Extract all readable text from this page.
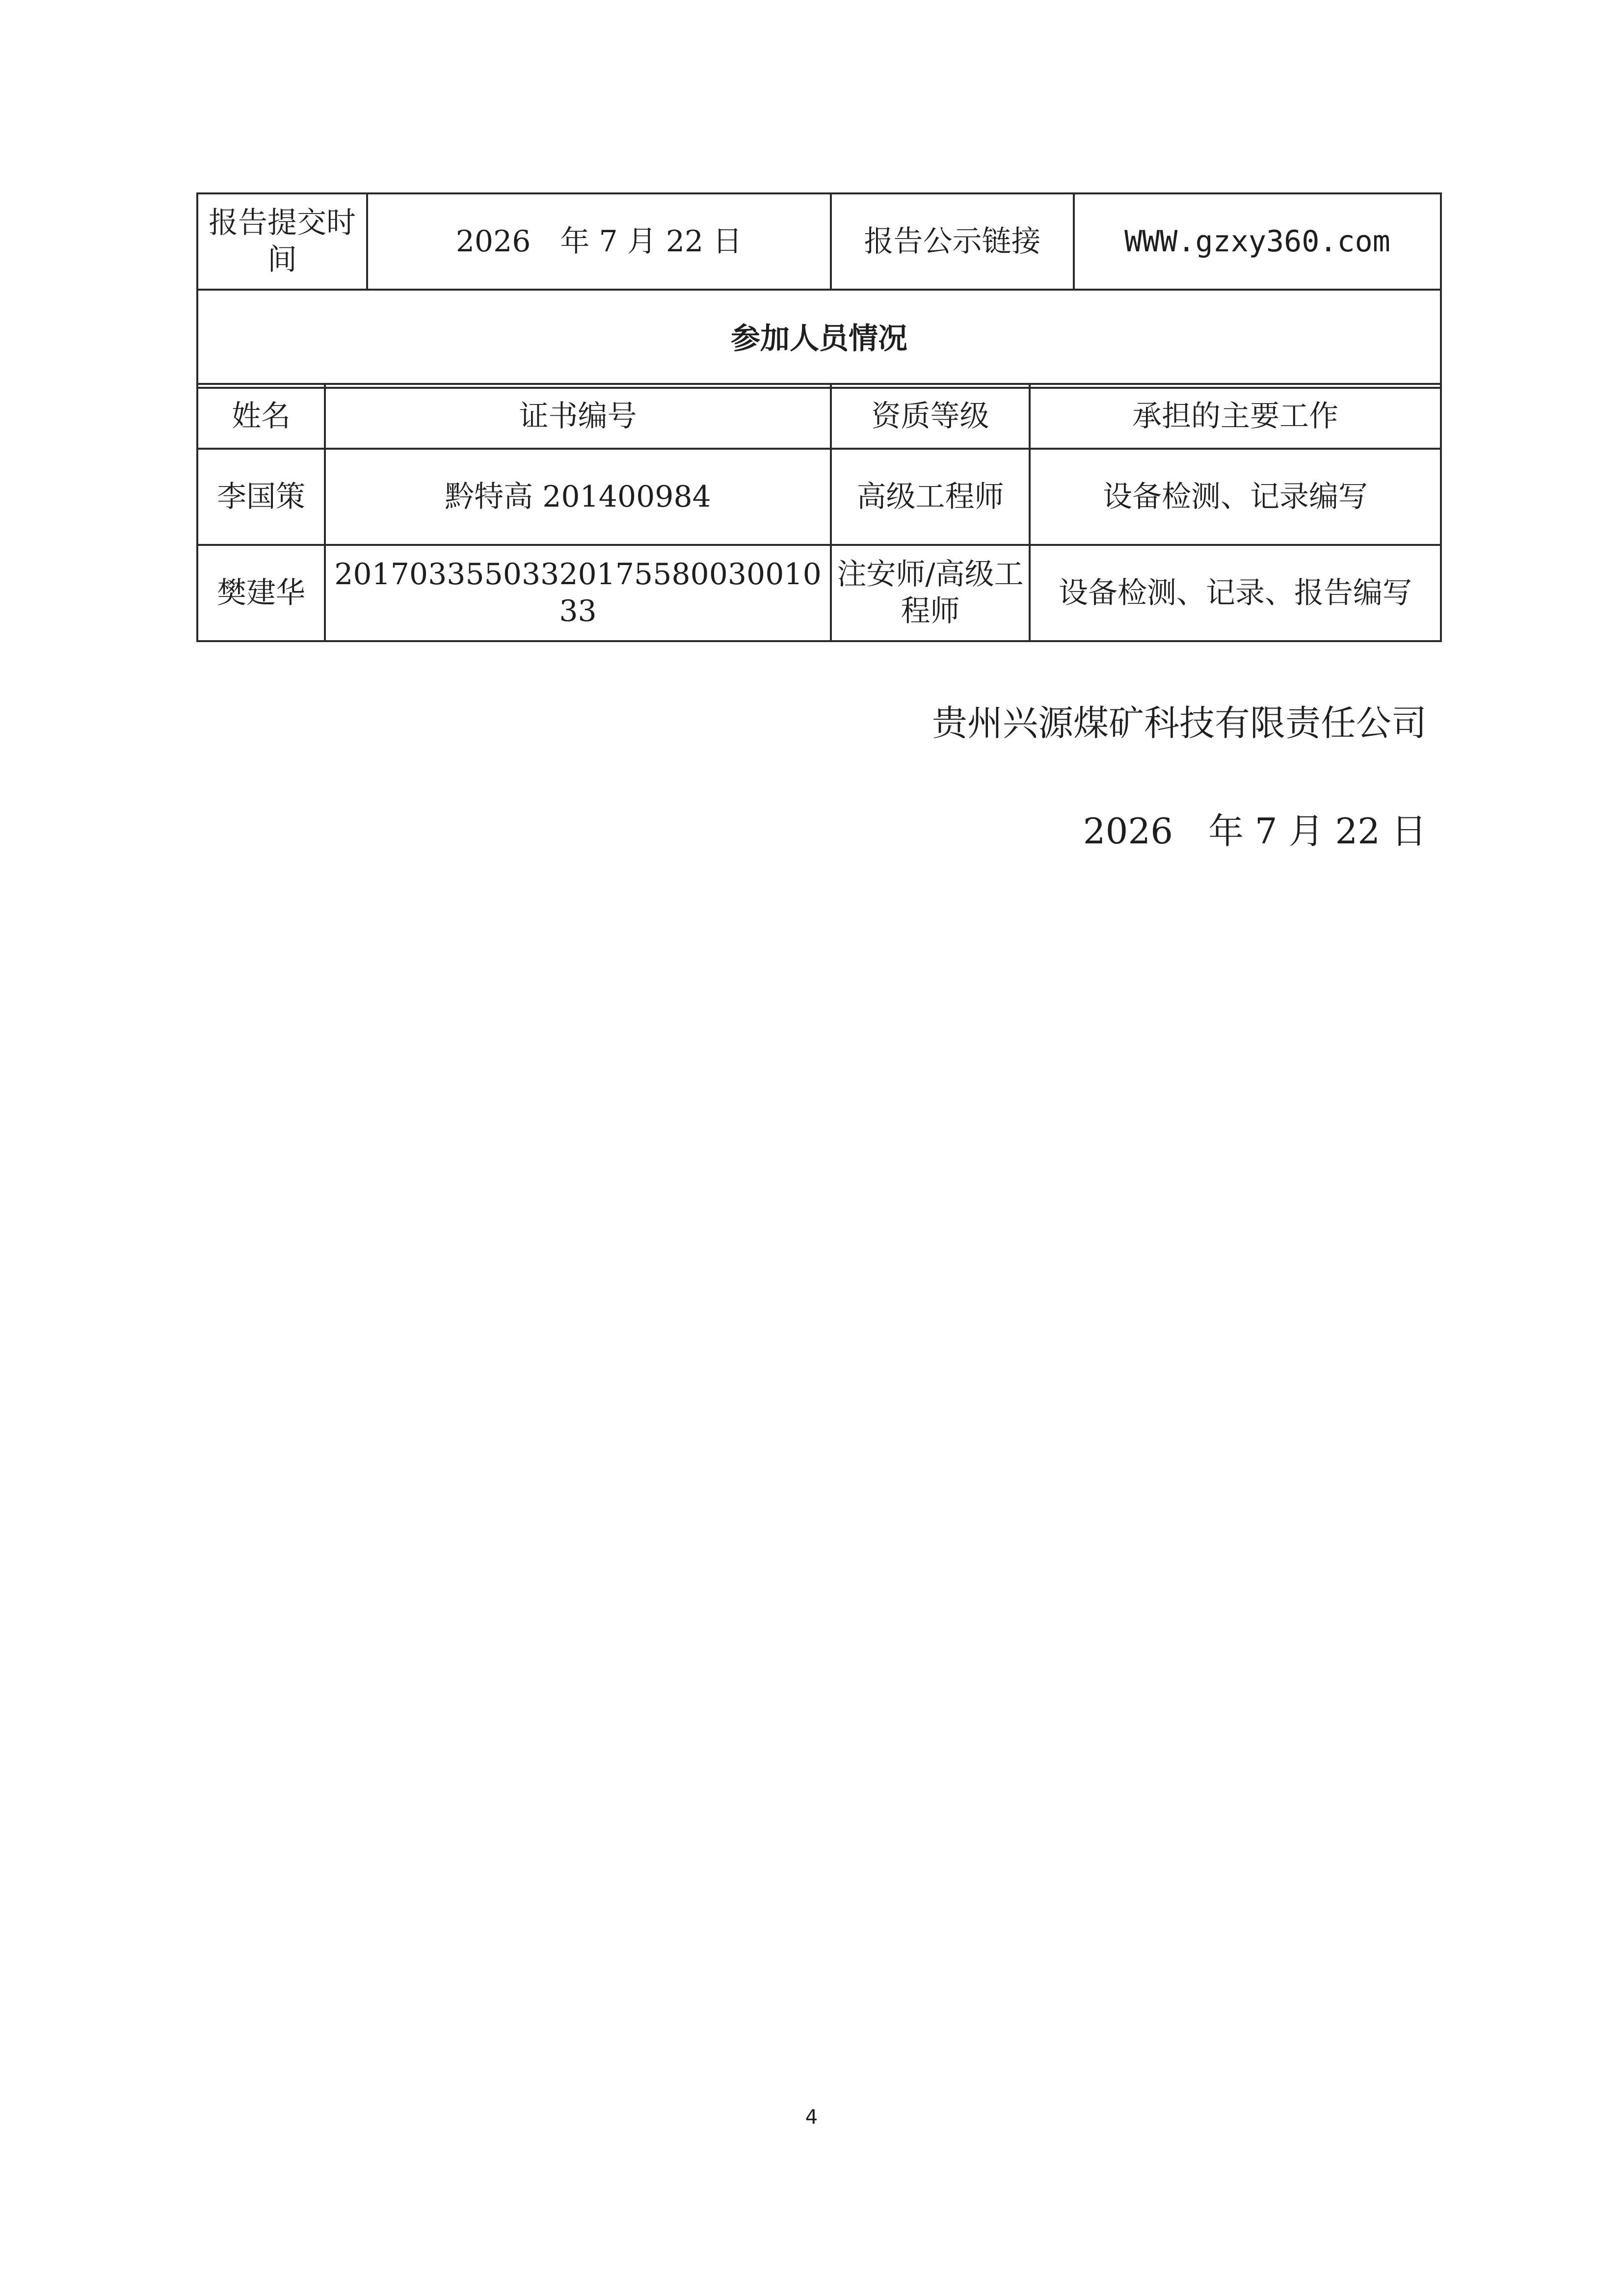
报告提交时间	2026　年 7 月 22 日	报告公示链接	WWW.gzxy360.com
参加人员情况
姓名	证书编号	资质等级	承担的主要工作
李国策	黔特高 201400984	高级工程师	设备检测、记录编写
樊建华	201703355033201755800300103​3	注安师/高级工程师	设备检测、记录、报告编写
贵州兴源煤矿科技有限责任公司
2026　年 7 月 22 日
4
